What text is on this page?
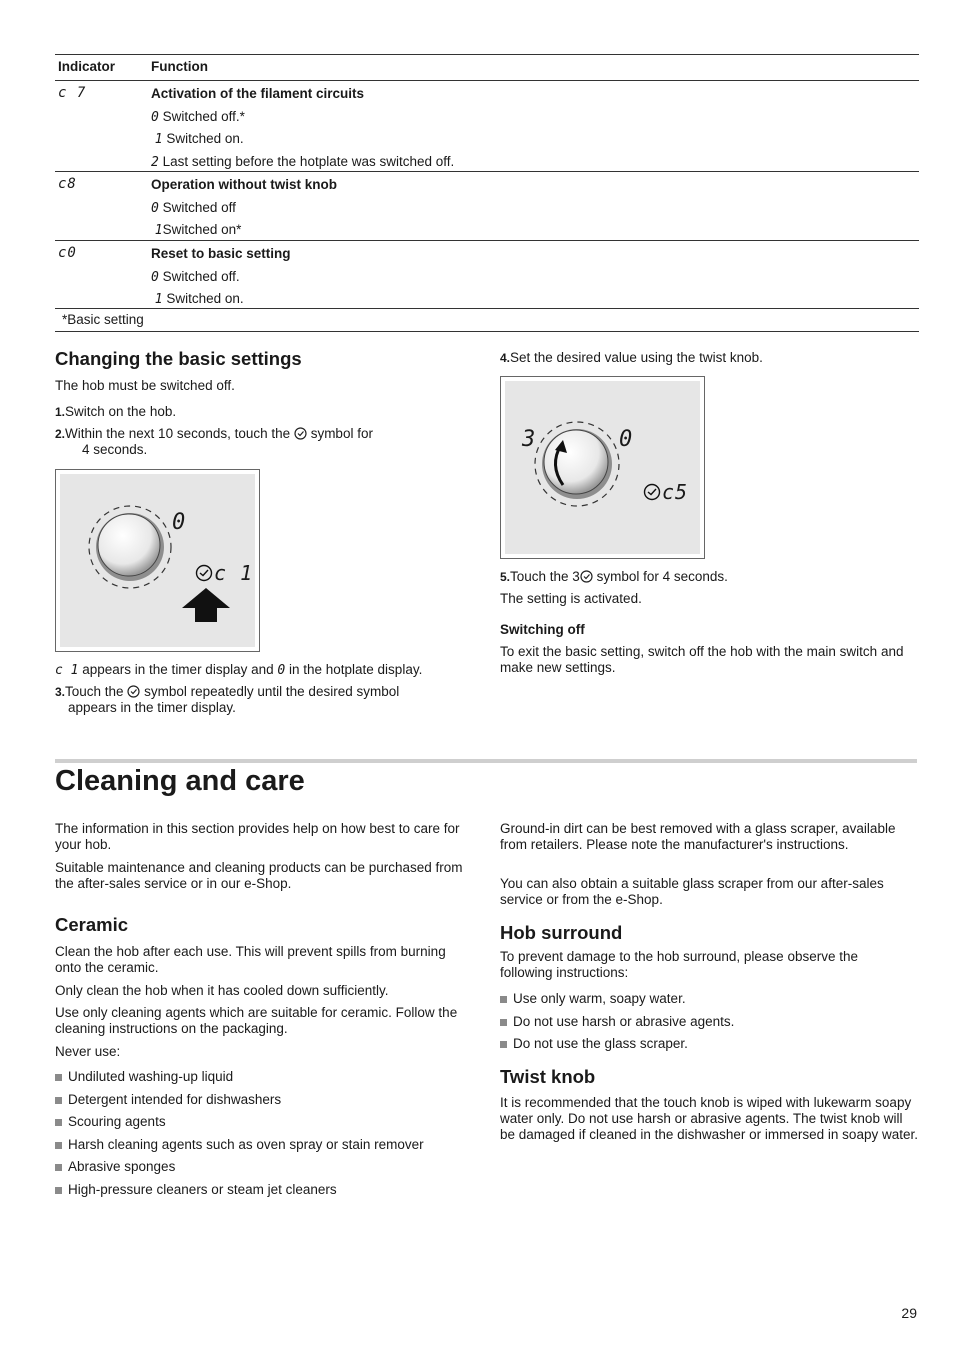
Indicator	Function
c 7	Activation of the filament circuits
0 Switched off.*
1 Switched on.
2 Last setting before the hotplate was switched off.
c8	Operation without twist knob
0 Switched off
1Switched on*
c0	Reset to basic setting
0 Switched off.
1 Switched on.
*Basic setting
Changing the basic settings

The hob must be switched off.

1.Switch on the hob.

2.Within the next 10 seconds, touch the symbol for

4 seconds.

0
c 1

c 1 appears in the timer display and 0 in the hotplate display.

3.Touch the symbol repeatedly until the desired symbol

appears in the timer display.

4.Set the desired value using the twist knob.

3	0
c5

5.Touch the 3 symbol for 4 seconds.

The setting is activated.

Switching off

To exit the basic setting, switch off the hob with the main switch and make new settings.

Cleaning and care

The information in this section provides help on how best to care for your hob.

Suitable maintenance and cleaning products can be purchased from the after-sales service or in our e-Shop.

Ceramic

Clean the hob after each use. This will prevent spills from burning onto the ceramic.

Only clean the hob when it has cooled down sufficiently.

Use only cleaning agents which are suitable for ceramic. Follow the cleaning instructions on the packaging.

Never use:

Undiluted washing-up liquid
Detergent intended for dishwashers
Scouring agents
Harsh cleaning agents such as oven spray or stain remover
Abrasive sponges
High-pressure cleaners or steam jet cleaners

Ground-in dirt can be best removed with a glass scraper, available from retailers. Please note the manufacturer's instructions.

You can also obtain a suitable glass scraper from our after-sales service or from the e-Shop.

Hob surround

To prevent damage to the hob surround, please observe the following instructions:

Use only warm, soapy water.
Do not use harsh or abrasive agents.
Do not use the glass scraper.
Twist knob

It is recommended that the touch knob is wiped with lukewarm soapy water only. Do not use harsh or abrasive agents. The twist knob will be damaged if cleaned in the dishwasher or immersed in soapy water.

29
